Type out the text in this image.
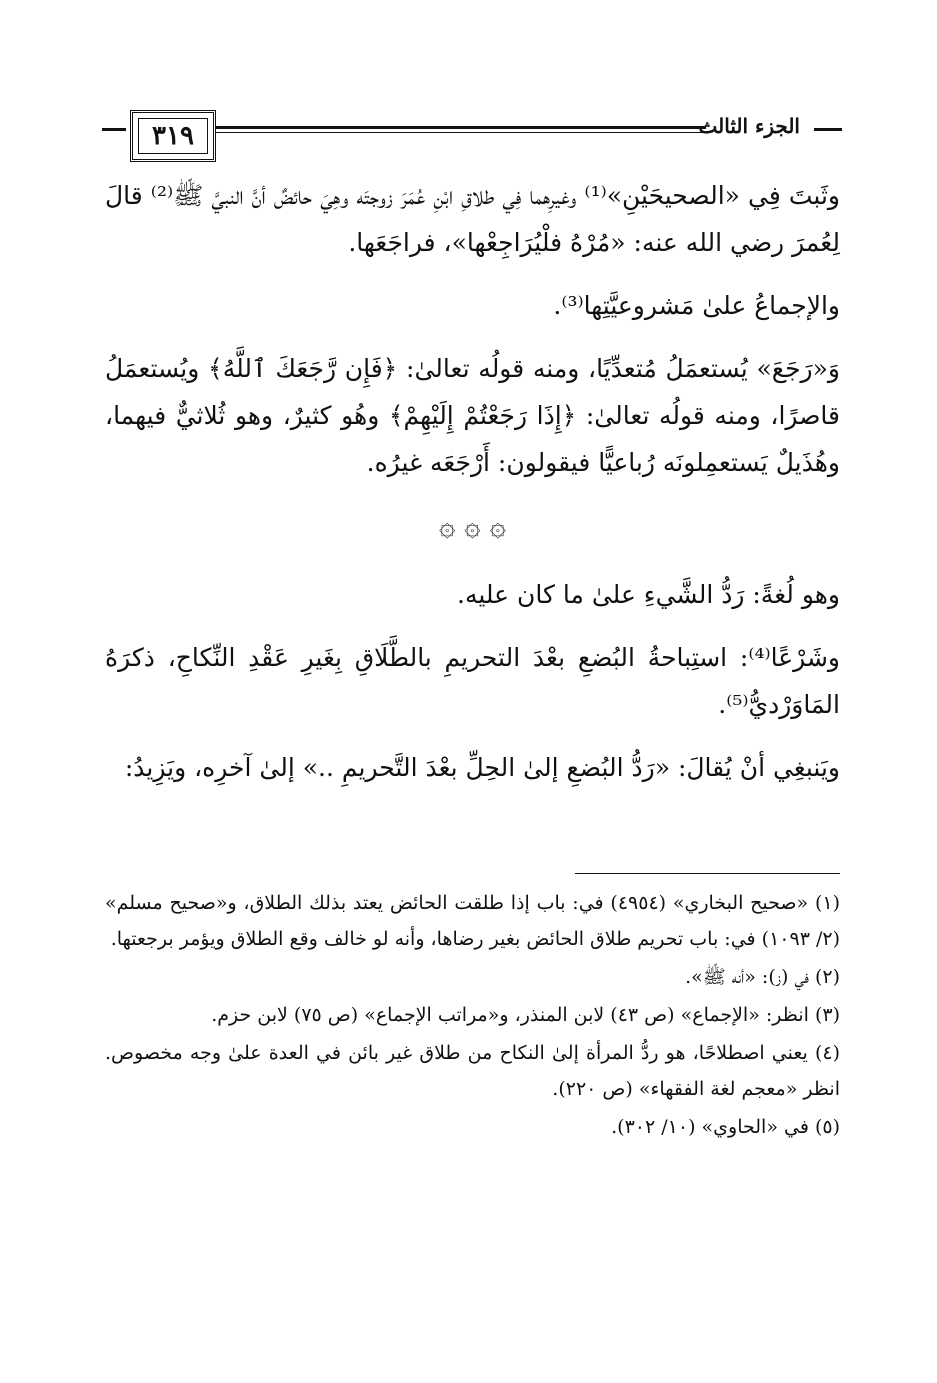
٣١٩	الجزء الثالث

وثَبتَ فِي «الصحيحَيْنِ»⁽¹⁾ وغيرِهما فِي طلاقِ ابْنِ عُمَرَ زوجتَه وهِيَ حائضٌ أنَّ النبيَّ ﷺ⁽²⁾ قالَ لِعُمرَ رضي الله عنه: «مُرْهُ فلْيُرَاجِعْها»، فراجَعَها.

والإجماعُ علىٰ مَشروعيَّتِها⁽³⁾.

وَ«رَجَعَ» يُستعمَلُ مُتعدِّيًا، ومنه قولُه تعالىٰ: ﴿فَإِن رَّجَعَكَ ٱللَّهُ﴾ ويُستعمَلُ قاصرًا، ومنه قولُه تعالىٰ: ﴿إِذَا رَجَعْتُمْ إِلَيْهِمْ﴾ وهُو كثيرٌ، وهو ثُلاثيٌّ فيهما، وهُذَيلٌ يَستعمِلونَه رُباعيًّا فيقولون: أَرْجَعَه غيرُه.

۞ ۞ ۞

وهو لُغةً: رَدُّ الشَّيءِ علىٰ ما كان عليه.

وشَرْعًا⁽⁴⁾: استِباحةُ البُضعِ بعْدَ التحريمِ بالطَّلَاقِ بِغَيرِ عَقْدِ النِّكاحِ، ذكرَهُ المَاوَرْديُّ⁽⁵⁾.

ويَنبغِي أنْ يُقالَ: «رَدُّ البُضعِ إلىٰ الحِلِّ بعْدَ التَّحريمِ ..» إلىٰ آخرِه، ويَزِيدُ:

(١) «صحيح البخاري» (٤٩٥٤) في: باب إذا طلقت الحائض يعتد بذلك الطلاق، و«صحيح مسلم» (٢/ ١٠٩٣) في: باب تحريم طلاق الحائض بغير رضاها، وأنه لو خالف وقع الطلاق ويؤمر برجعتها.

(٢) في (ز): «أنه ﷺ».

(٣) انظر: «الإجماع» (ص ٤٣) لابن المنذر، و«مراتب الإجماع» (ص ٧٥) لابن حزم.

(٤) يعني اصطلاحًا، هو ردُّ المرأة إلىٰ النكاح من طلاق غير بائن في العدة علىٰ وجه مخصوص. انظر «معجم لغة الفقهاء» (ص ٢٢٠).

(٥) في «الحاوي» (١٠/ ٣٠٢).
